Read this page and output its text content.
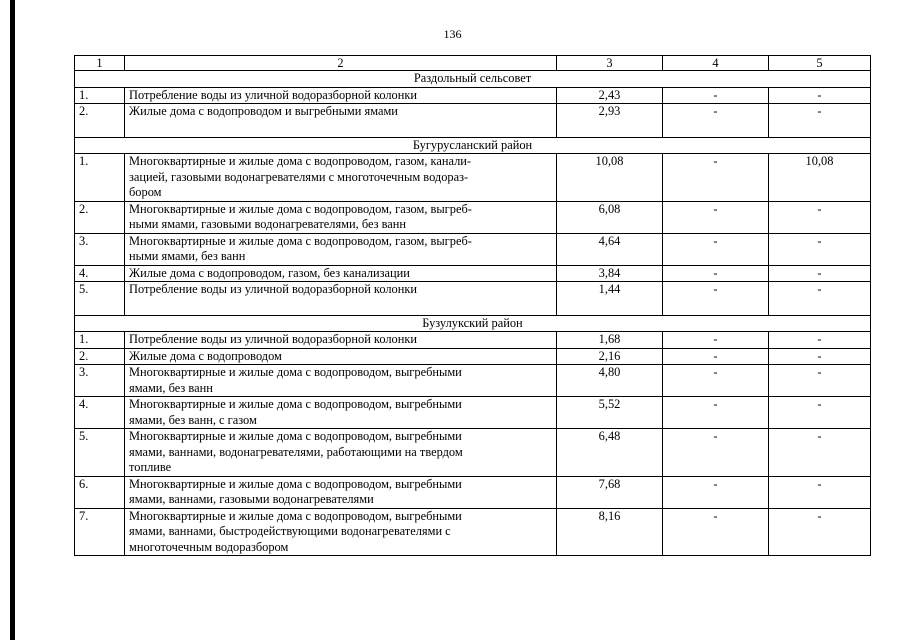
136
1	2	3	4	5
Раздольный сельсовет				
1.	Потребление воды из уличной водоразборной колонки	2,43	-	-
2.	Жилые дома с водопроводом и выгребными ямами	2,93	-	-
Бугурусланский район				
1.	Многоквартирные и жилые дома с водопроводом, газом, канали-
зацией, газовыми водонагревателями с многоточечным водораз-
бором	10,08	-	10,08
2.	Многоквартирные и жилые дома с водопроводом, газом, выгреб-
ными ямами, газовыми водонагревателями, без ванн	6,08	-	-
3.	Многоквартирные и жилые дома с водопроводом, газом, выгреб-
ными ямами, без ванн	4,64	-	-
4.	Жилые дома с водопроводом, газом, без канализации	3,84	-	-
5.	Потребление воды из уличной водоразборной колонки	1,44	-	-
Бузулукский район				
1.	Потребление воды из уличной водоразборной колонки	1,68	-	-
2.	Жилые дома с водопроводом	2,16	-	-
3.	Многоквартирные и жилые дома с водопроводом, выгребными
ямами, без ванн	4,80	-	-
4.	Многоквартирные и жилые дома с водопроводом, выгребными
ямами, без ванн, с газом	5,52	-	-
5.	Многоквартирные и жилые дома с водопроводом, выгребными
ямами, ваннами, водонагревателями, работающими на твердом
топливе	6,48	-	-
6.	Многоквартирные и жилые дома с водопроводом, выгребными
ямами, ваннами, газовыми водонагревателями	7,68	-	-
7.	Многоквартирные и жилые дома с водопроводом, выгребными
ямами, ваннами, быстродействующими водонагревателями с
многоточечным водоразбором	8,16	-	-
